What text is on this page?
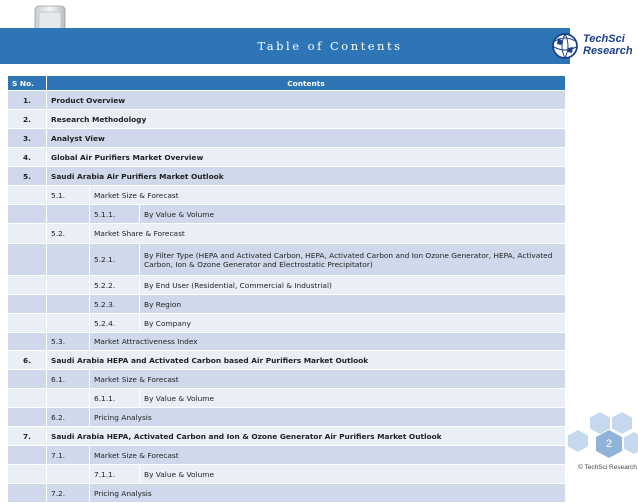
Table of Contents	TechSci
Research
S No.	Contents		
1.	Product Overview		
2.	Research Methodology		
3.	Analyst View		
4.	Global Air Purifiers Market Overview		
5.	Saudi Arabia Air Purifiers Market Outlook		
	5.1.	Market Size & Forecast	
		5.1.1.	By Value & Volume
	5.2.	Market Share & Forecast	
		5.2.1.	By Filter Type (HEPA and Activated Carbon, HEPA, Activated Carbon and Ion Ozone Generator, HEPA, Activated Carbon, Ion & Ozone Generator and Electrostatic Precipitator)
		5.2.2.	By End User (Residential, Commercial & Industrial)
		5.2.3.	By Region
		5.2.4.	By Company
	5.3.	Market Attractiveness Index	
6.	Saudi Arabia HEPA and Activated Carbon based Air Purifiers Market Outlook		
	6.1.	Market Size & Forecast	
		6.1.1.	By Value & Volume
	6.2.	Pricing Analysis	
7.	Saudi Arabia HEPA, Activated Carbon and Ion & Ozone Generator Air Purifiers Market Outlook		
	7.1.	Market Size & Forecast	
		7.1.1.	By Value & Volume
	7.2.	Pricing Analysis	
2
© TechSci Research
